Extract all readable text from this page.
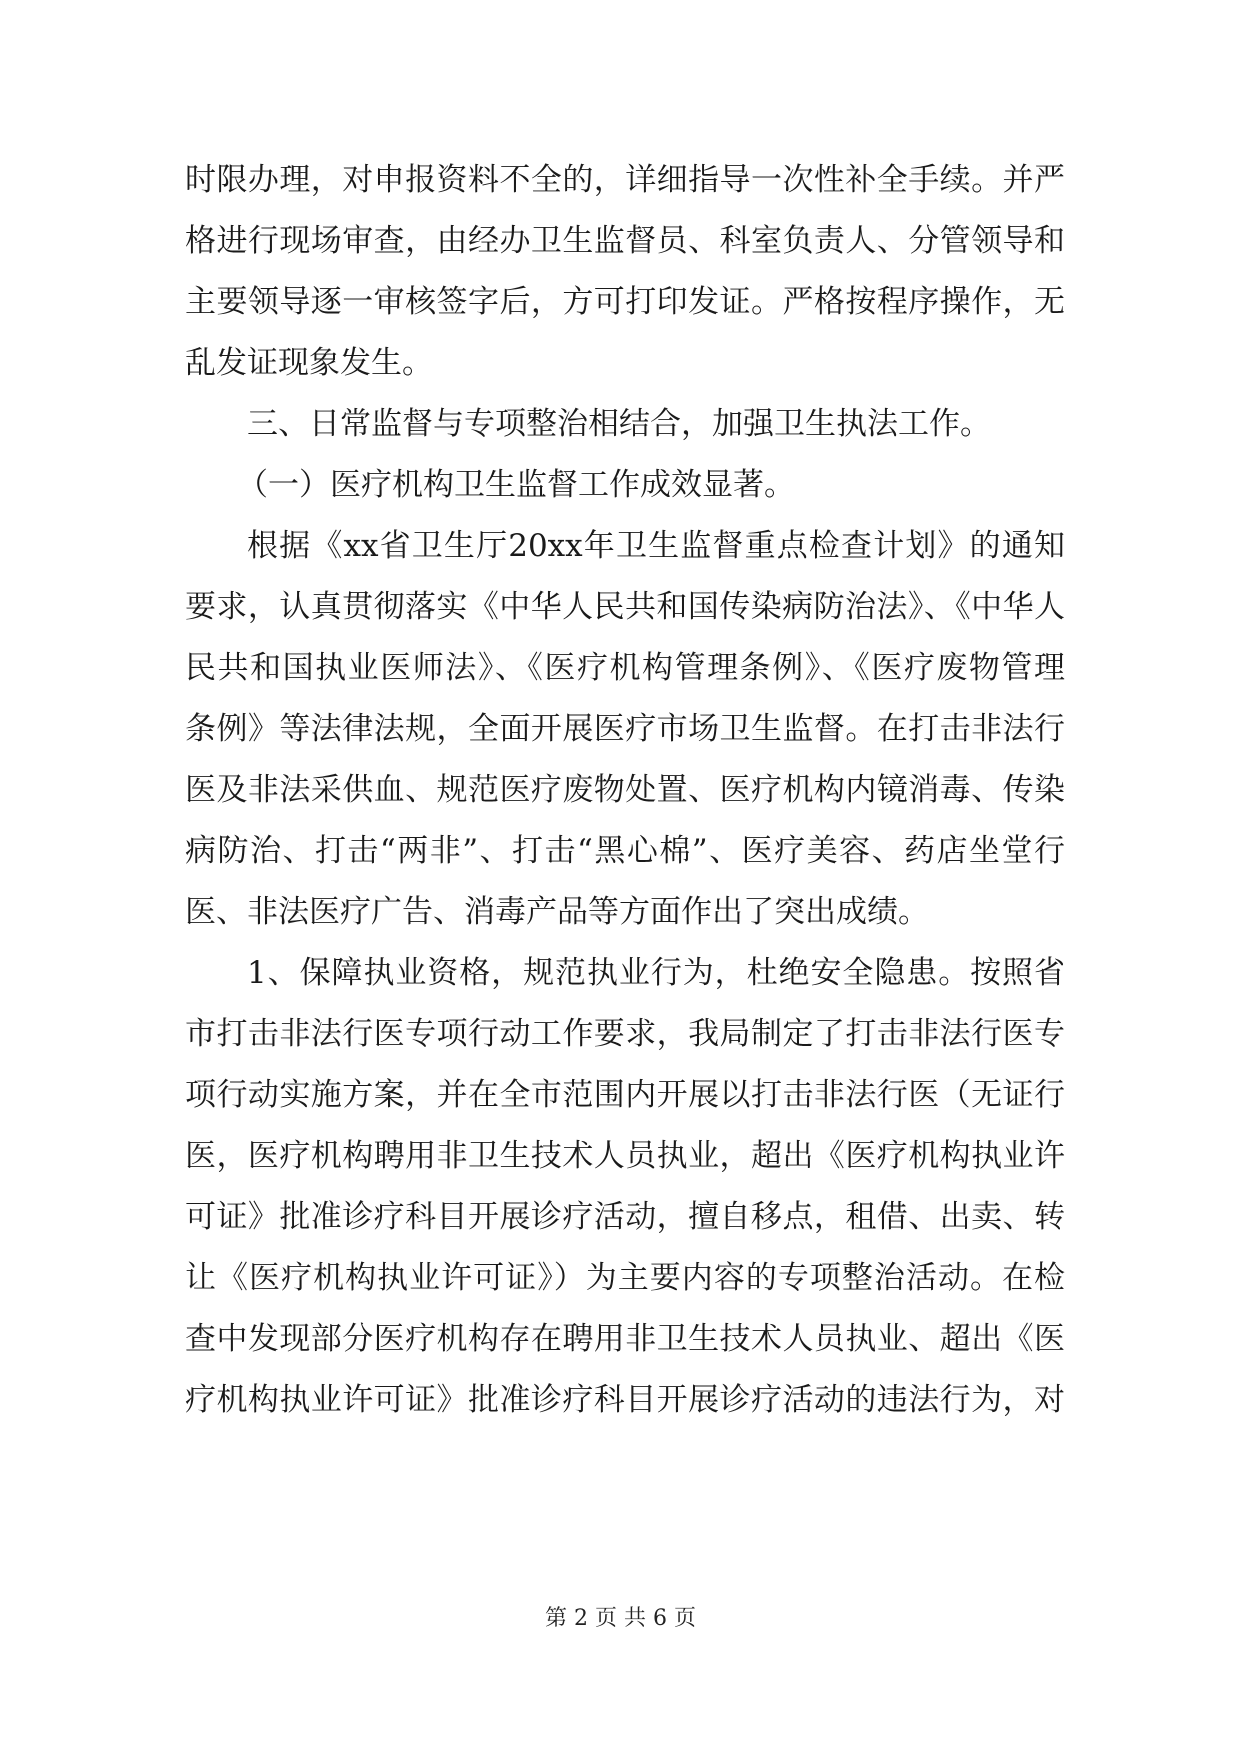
时限办理，对申报资料不全的，详细指导一次性补全手续。并严
格进行现场审查，由经办卫生监督员、科室负责人、分管领导和
主要领导逐一审核签字后，方可打印发证。严格按程序操作，无
乱发证现象发生。
三、日常监督与专项整治相结合，加强卫生执法工作。
（一）医疗机构卫生监督工作成效显著。
根据《xx省卫生厅20xx年卫生监督重点检查计划》的通知
要求，认真贯彻落实《中华人民共和国传染病防治法》、《中华人
民共和国执业医师法》、《医疗机构管理条例》、《医疗废物管理
条例》等法律法规，全面开展医疗市场卫生监督。在打击非法行
医及非法采供血、规范医疗废物处置、医疗机构内镜消毒、传染
病防治、打击“两非”、打击“黑心棉”、医疗美容、药店坐堂行
医、非法医疗广告、消毒产品等方面作出了突出成绩。
1、保障执业资格，规范执业行为，杜绝安全隐患。按照省
市打击非法行医专项行动工作要求，我局制定了打击非法行医专
项行动实施方案，并在全市范围内开展以打击非法行医（无证行
医，医疗机构聘用非卫生技术人员执业，超出《医疗机构执业许
可证》批准诊疗科目开展诊疗活动，擅自移点，租借、出卖、转
让《医疗机构执业许可证》）为主要内容的专项整治活动。在检
查中发现部分医疗机构存在聘用非卫生技术人员执业、超出《医
疗机构执业许可证》批准诊疗科目开展诊疗活动的违法行为，对
第 2 页 共 6 页
